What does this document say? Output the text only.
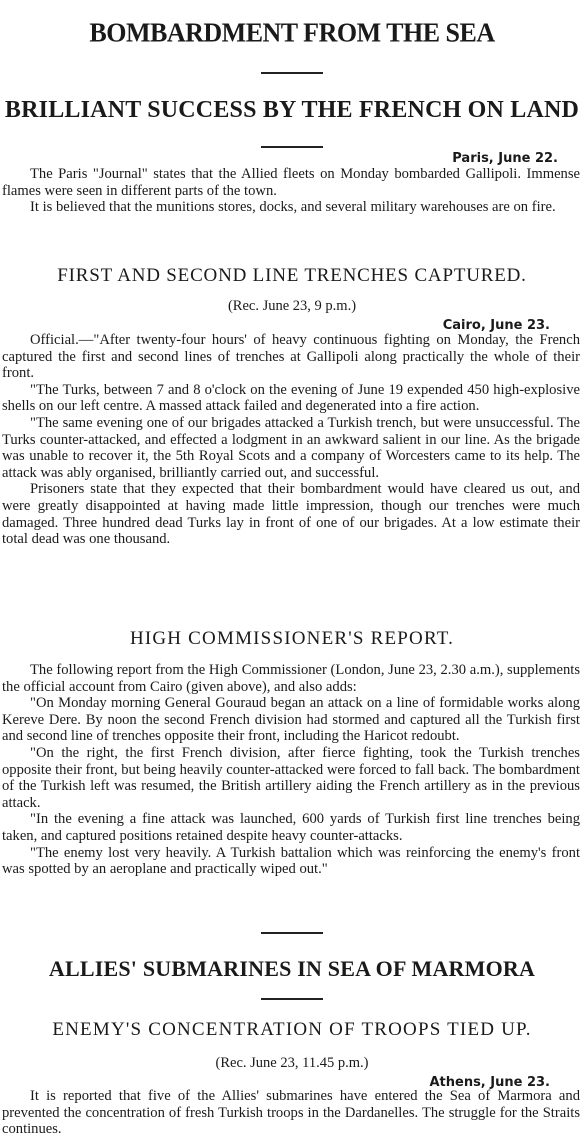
BOMBARDMENT FROM THE SEA
BRILLIANT SUCCESS BY THE FRENCH ON LAND
Paris, June 22.

The Paris "Journal" states that the Allied fleets on Monday bombarded Gallipoli. Immense flames were seen in different parts of the town.

It is believed that the munitions stores, docks, and several military warehouses are on fire.

FIRST AND SECOND LINE TRENCHES CAPTURED.
(Rec. June 23, 9 p.m.)
Cairo, June 23.

Official.—"After twenty-four hours' of heavy continuous fighting on Monday, the French captured the first and second lines of trenches at Gallipoli along practically the whole of their front.

"The Turks, between 7 and 8 o'clock on the evening of June 19 expended 450 high-explosive shells on our left centre. A massed attack failed and degenerated into a fire action.

"The same evening one of our brigades attacked a Turkish trench, but were unsuccessful. The Turks counter-attacked, and effected a lodgment in an awkward salient in our line. As the brigade was unable to recover it, the 5th Royal Scots and a company of Worcesters came to its help. The attack was ably organised, brilliantly carried out, and successful.

Prisoners state that they expected that their bombardment would have cleared us out, and were greatly disappointed at having made little impression, though our trenches were much damaged. Three hundred dead Turks lay in front of one of our brigades. At a low estimate their total dead was one thousand.

HIGH COMMISSIONER'S REPORT.

The following report from the High Commissioner (London, June 23, 2.30 a.m.), supplements the official account from Cairo (given above), and also adds:

"On Monday morning General Gouraud began an attack on a line of formidable works along Kereve Dere. By noon the second French division had stormed and captured all the Turkish first and second line of trenches opposite their front, including the Haricot redoubt.

"On the right, the first French division, after fierce fighting, took the Turkish trenches opposite their front, but being heavily counter-attacked were forced to fall back. The bombardment of the Turkish left was resumed, the British artillery aiding the French artillery as in the previous attack.

"In the evening a fine attack was launched, 600 yards of Turkish first line trenches being taken, and captured positions retained despite heavy counter-attacks.

"The enemy lost very heavily. A Turkish battalion which was reinforcing the enemy's front was spotted by an aeroplane and practically wiped out."

ALLIES' SUBMARINES IN SEA OF MARMORA
ENEMY'S CONCENTRATION OF TROOPS TIED UP.
(Rec. June 23, 11.45 p.m.)
Athens, June 23.

It is reported that five of the Allies' submarines have entered the Sea of Marmora and prevented the concentration of fresh Turkish troops in the Dardanelles. The struggle for the Straits continues.
